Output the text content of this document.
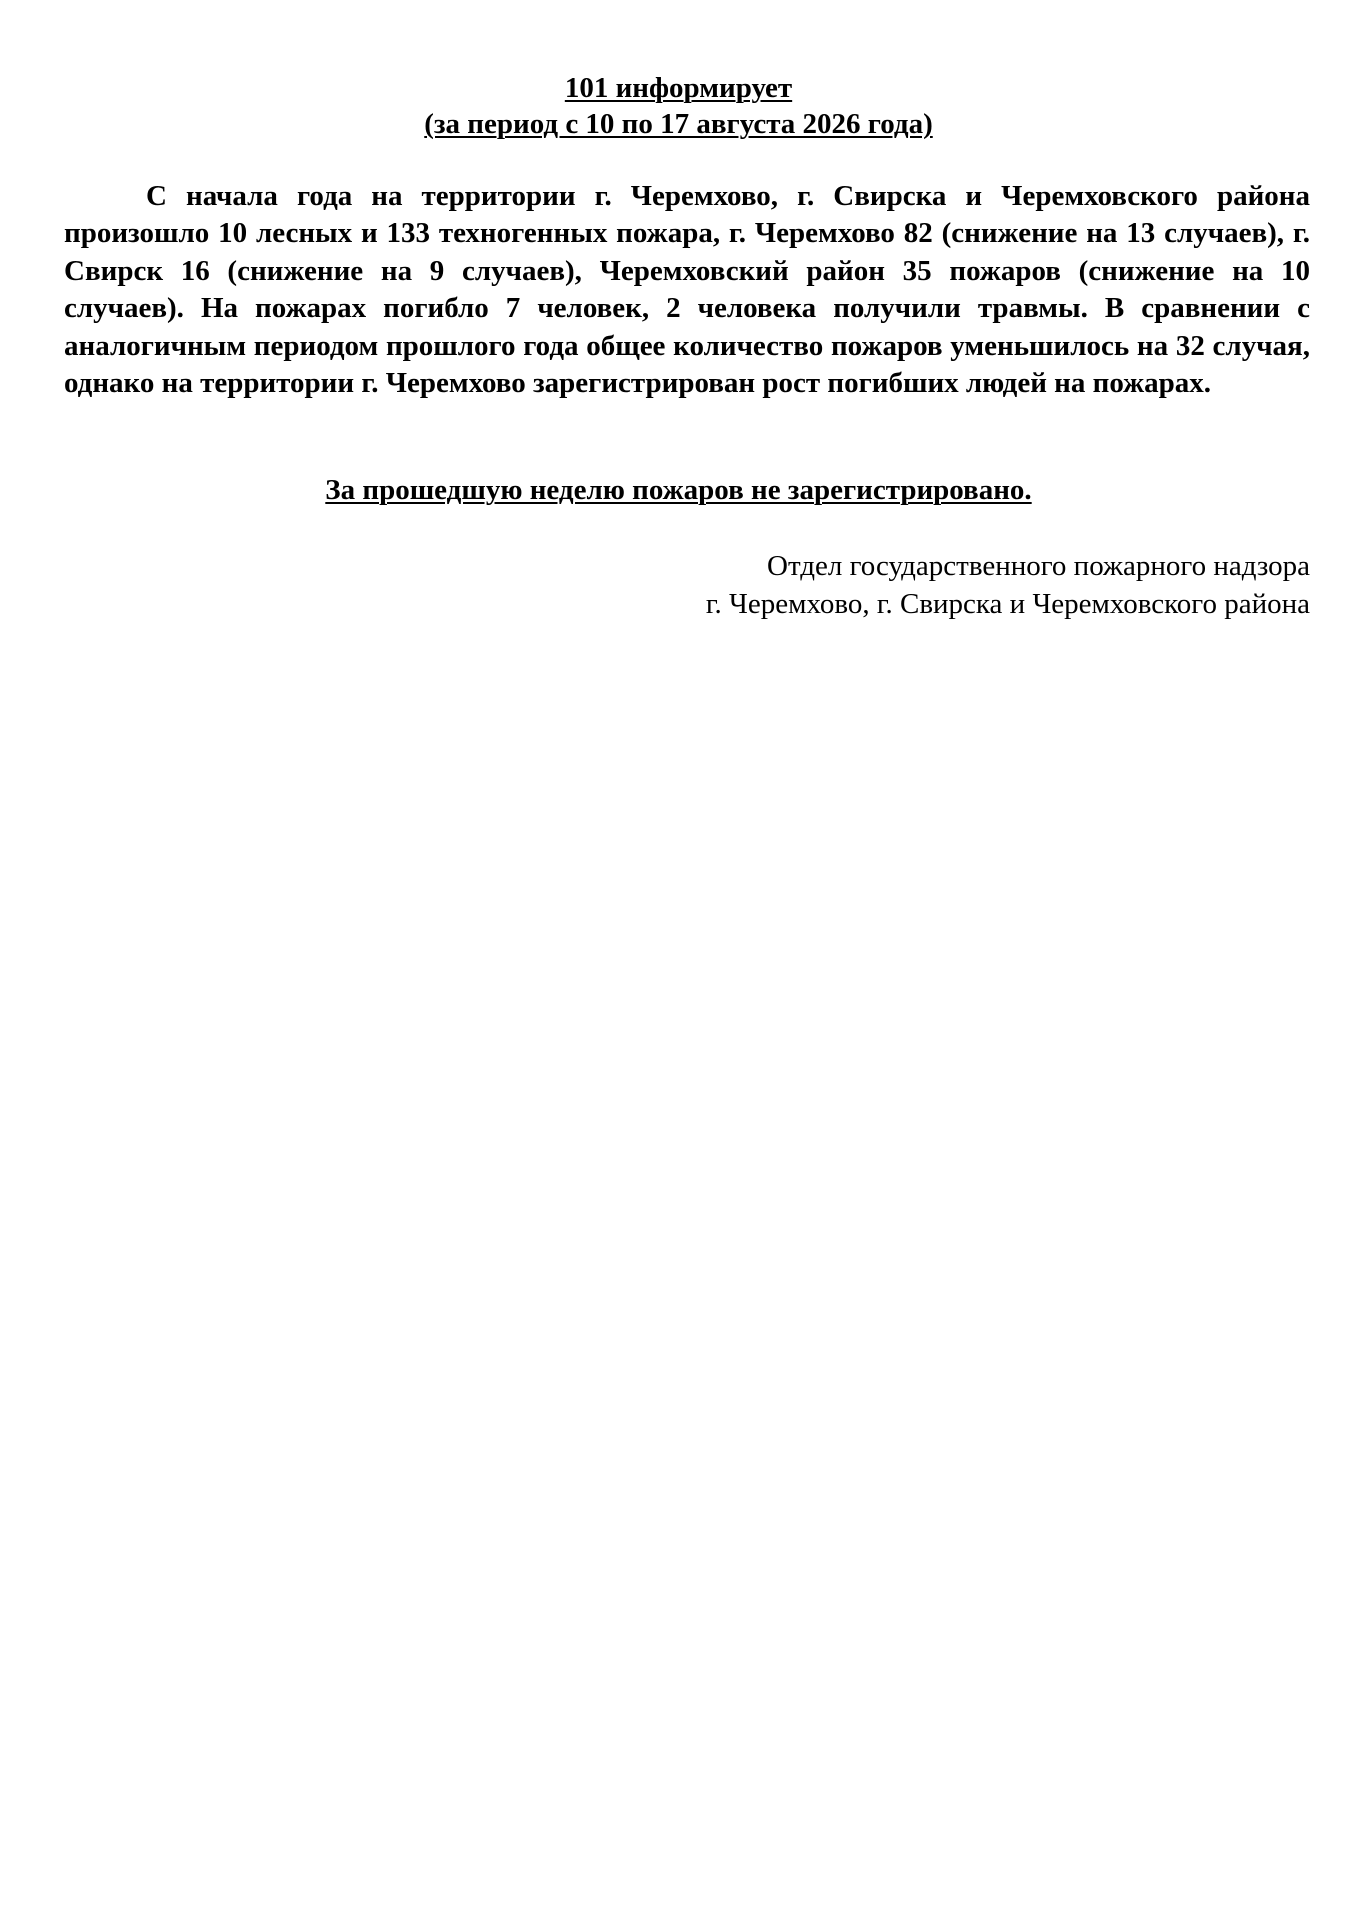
101 информирует
(за период с 10 по 17 августа 2026 года)

С начала года на территории г. Черемхово, г. Свирска и Черемховского района произошло 10 лесных и 133 техногенных пожара, г. Черемхово 82 (снижение на 13 случаев), г. Свирск 16 (снижение на 9 случаев), Черемховский район 35 пожаров (снижение на 10 случаев). На пожарах погибло 7 человек, 2 человека получили травмы. В сравнении с аналогичным периодом прошлого года общее количество пожаров уменьшилось на 32 случая, однако на территории г. Черемхово зарегистрирован рост погибших людей на пожарах.

За прошедшую неделю пожаров не зарегистрировано.
Отдел государственного пожарного надзора
г. Черемхово, г. Свирска и Черемховского района
